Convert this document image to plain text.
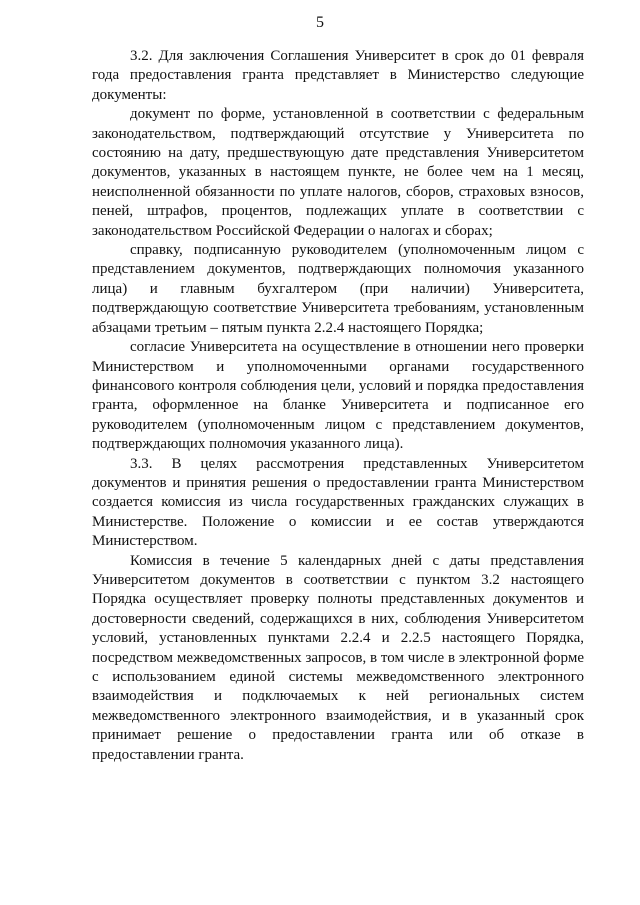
5

3.2. Для заключения Соглашения Университет в срок до 01 февраля года предоставления гранта представляет в Министерство следующие документы:

документ по форме, установленной в соответствии с федеральным законодательством, подтверждающий отсутствие у Университета по состоянию на дату, предшествующую дате представления Университетом документов, указанных в настоящем пункте, не более чем на 1 месяц, неисполненной обязанности по уплате налогов, сборов, страховых взносов, пеней, штрафов, процентов, подлежащих уплате в соответствии с законодательством Российской Федерации о налогах и сборах;

справку, подписанную руководителем (уполномоченным лицом с представлением документов, подтверждающих полномочия указанного лица) и главным бухгалтером (при наличии) Университета, подтверждающую соответствие Университета требованиям, установленным абзацами третьим – пятым пункта 2.2.4 настоящего Порядка;

согласие Университета на осуществление в отношении него проверки Министерством и уполномоченными органами государственного финансового контроля соблюдения цели, условий и порядка предоставления гранта, оформленное на бланке Университета и подписанное его руководителем (уполномоченным лицом с представлением документов, подтверждающих полномочия указанного лица).

3.3. В целях рассмотрения представленных Университетом документов и принятия решения о предоставлении гранта Министерством создается комиссия из числа государственных гражданских служащих в Министерстве. Положение о комиссии и ее состав утверждаются Министерством.

Комиссия в течение 5 календарных дней с даты представления Университетом документов в соответствии с пунктом 3.2 настоящего Порядка осуществляет проверку полноты представленных документов и достоверности сведений, содержащихся в них, соблюдения Университетом условий, установленных пунктами 2.2.4 и 2.2.5 настоящего Порядка, посредством межведомственных запросов, в том числе в электронной форме с использованием единой системы межведомственного электронного взаимодействия и подключаемых к ней региональных систем межведомственного электронного взаимодействия, и в указанный срок принимает решение о предоставлении гранта или об отказе в предоставлении гранта.
